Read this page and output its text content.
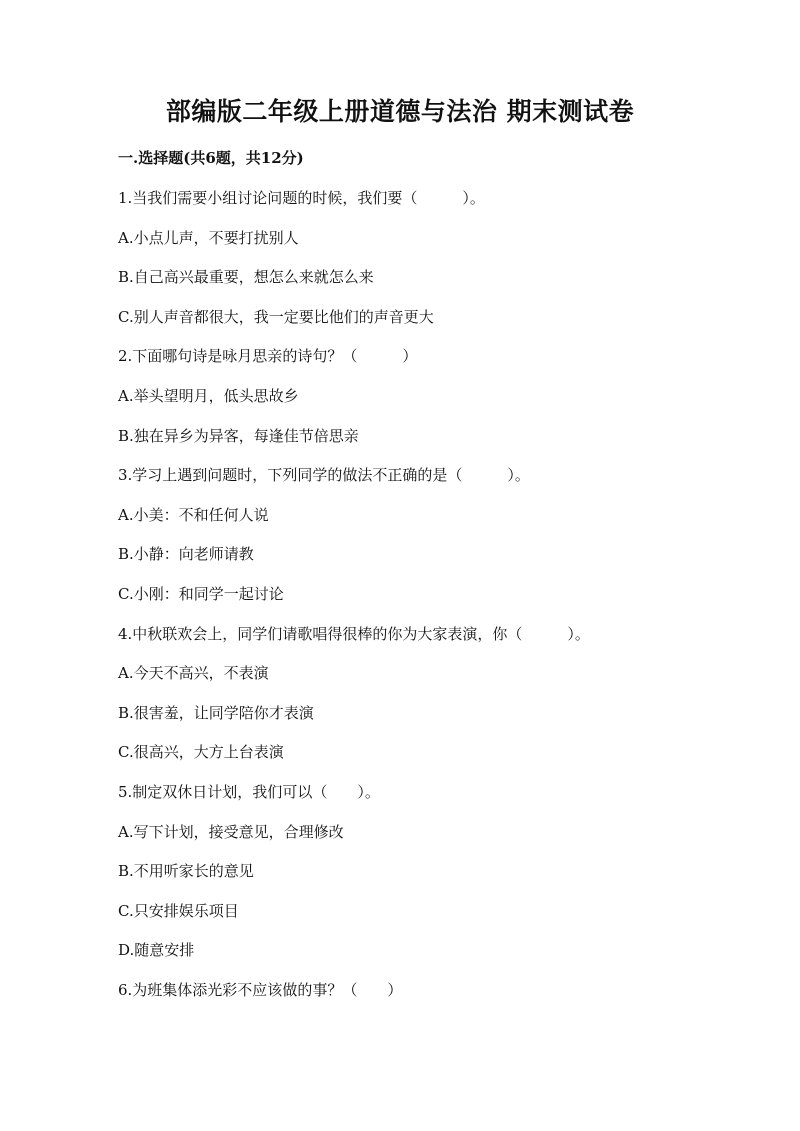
部编版二年级上册道德与法治 期末测试卷
一.选择题(共6题，共12分)
1.当我们需要小组讨论问题的时候，我们要（　　　）。
A.小点儿声，不要打扰别人
B.自己高兴最重要，想怎么来就怎么来
C.别人声音都很大，我一定要比他们的声音更大
2.下面哪句诗是咏月思亲的诗句？（　　　）
A.举头望明月，低头思故乡
B.独在异乡为异客，每逢佳节倍思亲
3.学习上遇到问题时，下列同学的做法不正确的是（　　　）。
A.小美：不和任何人说
B.小静：向老师请教
C.小刚：和同学一起讨论
4.中秋联欢会上，同学们请歌唱得很棒的你为大家表演，你（　　　）。
A.今天不高兴，不表演
B.很害羞，让同学陪你才表演
C.很高兴，大方上台表演
5.制定双休日计划，我们可以（　　）。
A.写下计划，接受意见，合理修改
B.不用听家长的意见
C.只安排娱乐项目
D.随意安排
6.为班集体添光彩不应该做的事？（　　）
